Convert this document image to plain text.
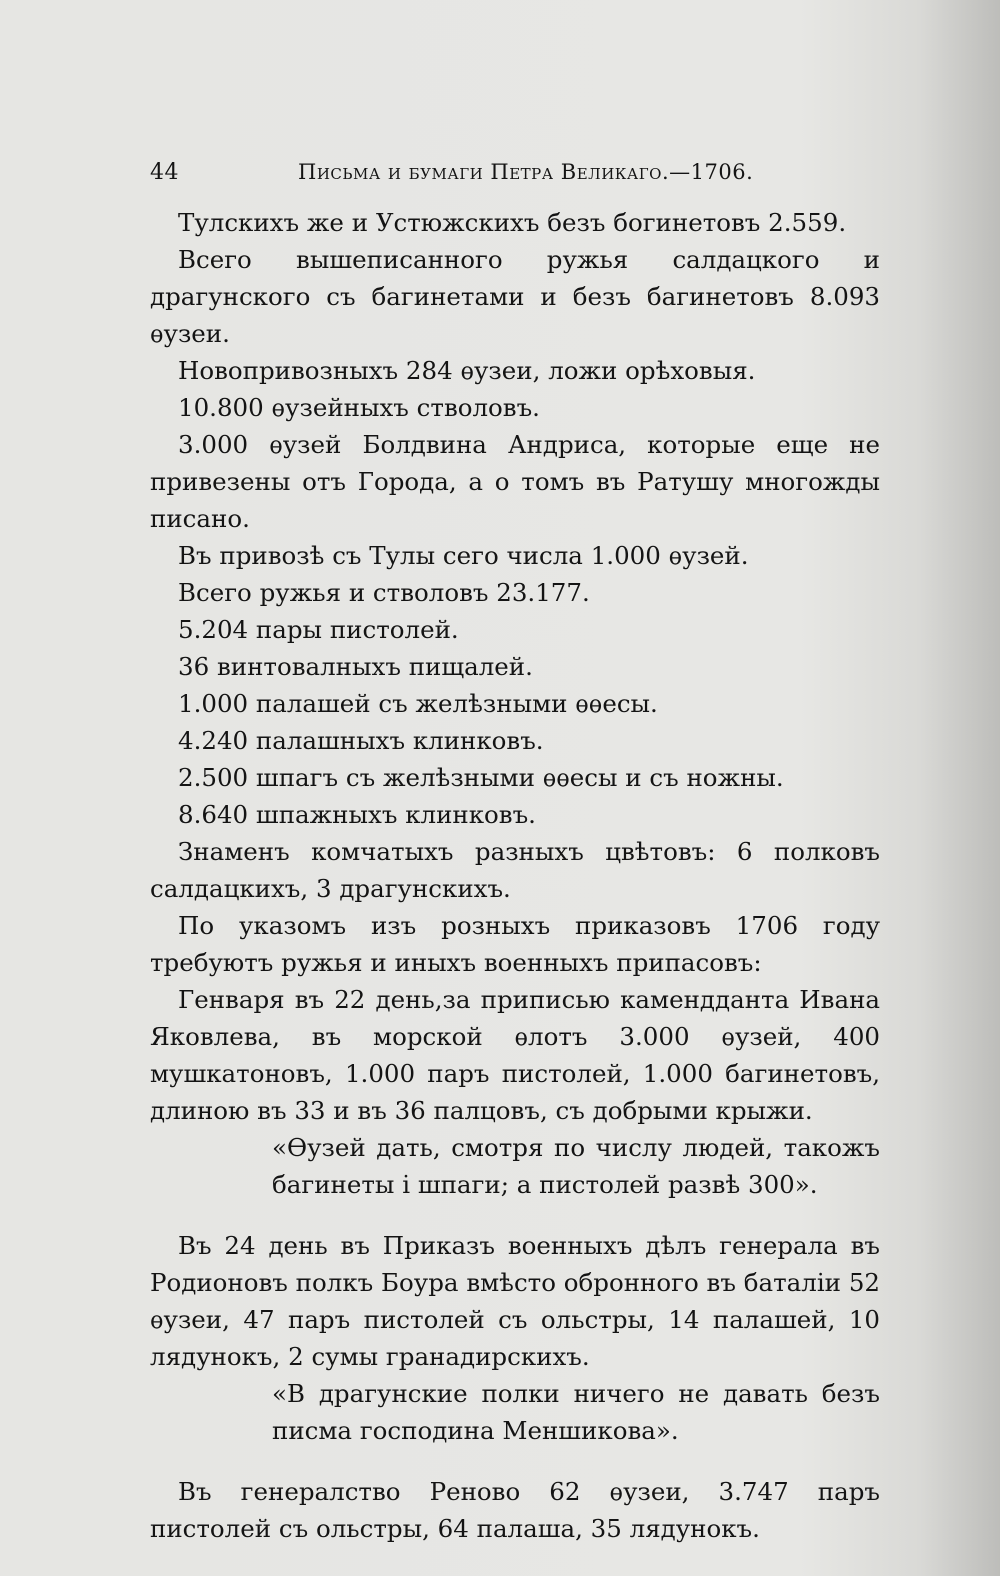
44	Письма и бумаги Петра Великаго.—1706.

Тулскихъ же и Устюжскихъ безъ богинетовъ 2.559.

Всего вышеписанного ружья салдацкого и драгунского съ багинетами и безъ багинетовъ 8.093 ѳузеи.

Новопривозныхъ 284 ѳузеи, ложи орѣховыя.

10.800 ѳузейныхъ стволовъ.

3.000 ѳузей Болдвина Андриса, которые еще не привезены отъ Города, а о томъ въ Ратушу многожды писано.

Въ привозѣ съ Тулы сего числа 1.000 ѳузей.

Всего ружья и стволовъ 23.177.

5.204 пары пистолей.

36 винтовалныхъ пищалей.

1.000 палашей съ желѣзными ѳѳесы.

4.240 палашныхъ клинковъ.

2.500 шпагъ съ желѣзными ѳѳесы и съ ножны.

8.640 шпажныхъ клинковъ.

Знаменъ комчатыхъ разныхъ цвѣтовъ: 6 полковъ салдацкихъ, 3 драгунскихъ.

По указомъ изъ розныхъ приказовъ 1706 году требуютъ ружья и иныхъ военныхъ припасовъ:

Генваря въ 22 день,за приписью камендданта Ивана Яковлева, въ морской ѳлотъ 3.000 ѳузей, 400 мушкатоновъ, 1.000 паръ пистолей, 1.000 багинетовъ, длиною въ 33 и въ 36 палцовъ, съ добрыми крыжи.

«Ѳузей дать, смотря по числу людей, такожъ багинеты і шпаги; а пистолей развѣ 300».

Въ 24 день въ Приказъ военныхъ дѣлъ генерала въ Родионовъ полкъ Боура вмѣсто обронного въ баталіи 52 ѳузеи, 47 паръ пистолей съ ольстры, 14 палашей, 10 лядунокъ, 2 сумы гранадирскихъ.

«В драгунские полки ничего не давать безъ писма господина Меншикова».

Въ генералство Реново 62 ѳузеи, 3.747 паръ пистолей съ ольстры, 64 палаша, 35 лядунокъ.
